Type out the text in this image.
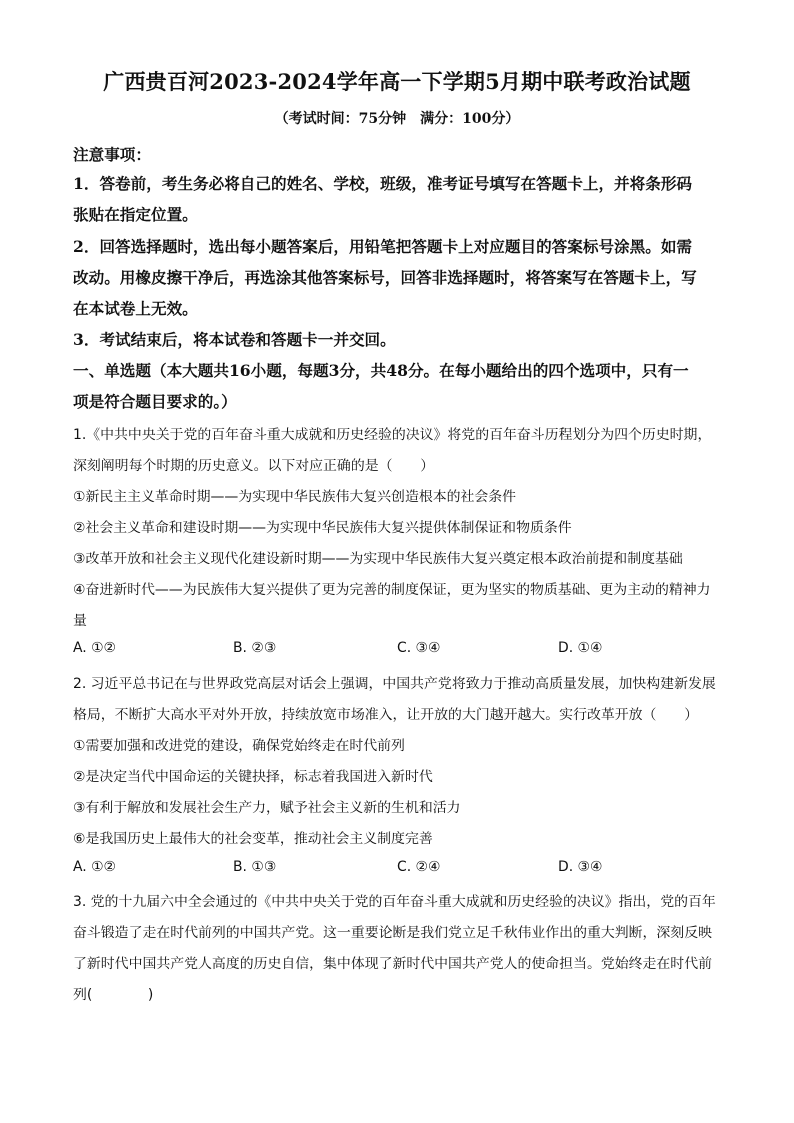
广西贵百河2023-2024学年高一下学期5月期中联考政治试题
（考试时间：75分钟　满分：100分）
注意事项：
1．答卷前，考生务必将自己的姓名、学校，班级，准考证号填写在答题卡上，并将条形码
张贴在指定位置。
2．回答选择题时，选出每小题答案后，用铅笔把答题卡上对应题目的答案标号涂黑。如需
改动。用橡皮擦干净后，再选涂其他答案标号，回答非选择题时，将答案写在答题卡上，写
在本试卷上无效。
3．考试结束后，将本试卷和答题卡一并交回。
一、单选题（本大题共16小题，每题3分，共48分。在每小题给出的四个选项中，只有一
项是符合题目要求的。）
1.《中共中央关于党的百年奋斗重大成就和历史经验的决议》将党的百年奋斗历程划分为四个历史时期，
深刻阐明每个时期的历史意义。以下对应正确的是（　　）
①新民主主义革命时期——为实现中华民族伟大复兴创造根本的社会条件
②社会主义革命和建设时期——为实现中华民族伟大复兴提供体制保证和物质条件
③改革开放和社会主义现代化建设新时期——为实现中华民族伟大复兴奠定根本政治前提和制度基础
④奋进新时代——为民族伟大复兴提供了更为完善的制度保证，更为坚实的物质基础、更为主动的精神力
量
A. ①②	B. ②③	C. ③④	D. ①④
2. 习近平总书记在与世界政党高层对话会上强调，中国共产党将致力于推动高质量发展，加快构建新发展
格局，不断扩大高水平对外开放，持续放宽市场准入，让开放的大门越开越大。实行改革开放（　　）
①需要加强和改进党的建设，确保党始终走在时代前列
②是决定当代中国命运的关键抉择，标志着我国进入新时代
③有利于解放和发展社会生产力，赋予社会主义新的生机和活力
⑥是我国历史上最伟大的社会变革，推动社会主义制度完善
A. ①②	B. ①③	C. ②④	D. ③④
3. 党的十九届六中全会通过的《中共中央关于党的百年奋斗重大成就和历史经验的决议》指出，党的百年
奋斗锻造了走在时代前列的中国共产党。这一重要论断是我们党立足千秋伟业作出的重大判断，深刻反映
了新时代中国共产党人高度的历史自信，集中体现了新时代中国共产党人的使命担当。党始终走在时代前
列(　　　　)
